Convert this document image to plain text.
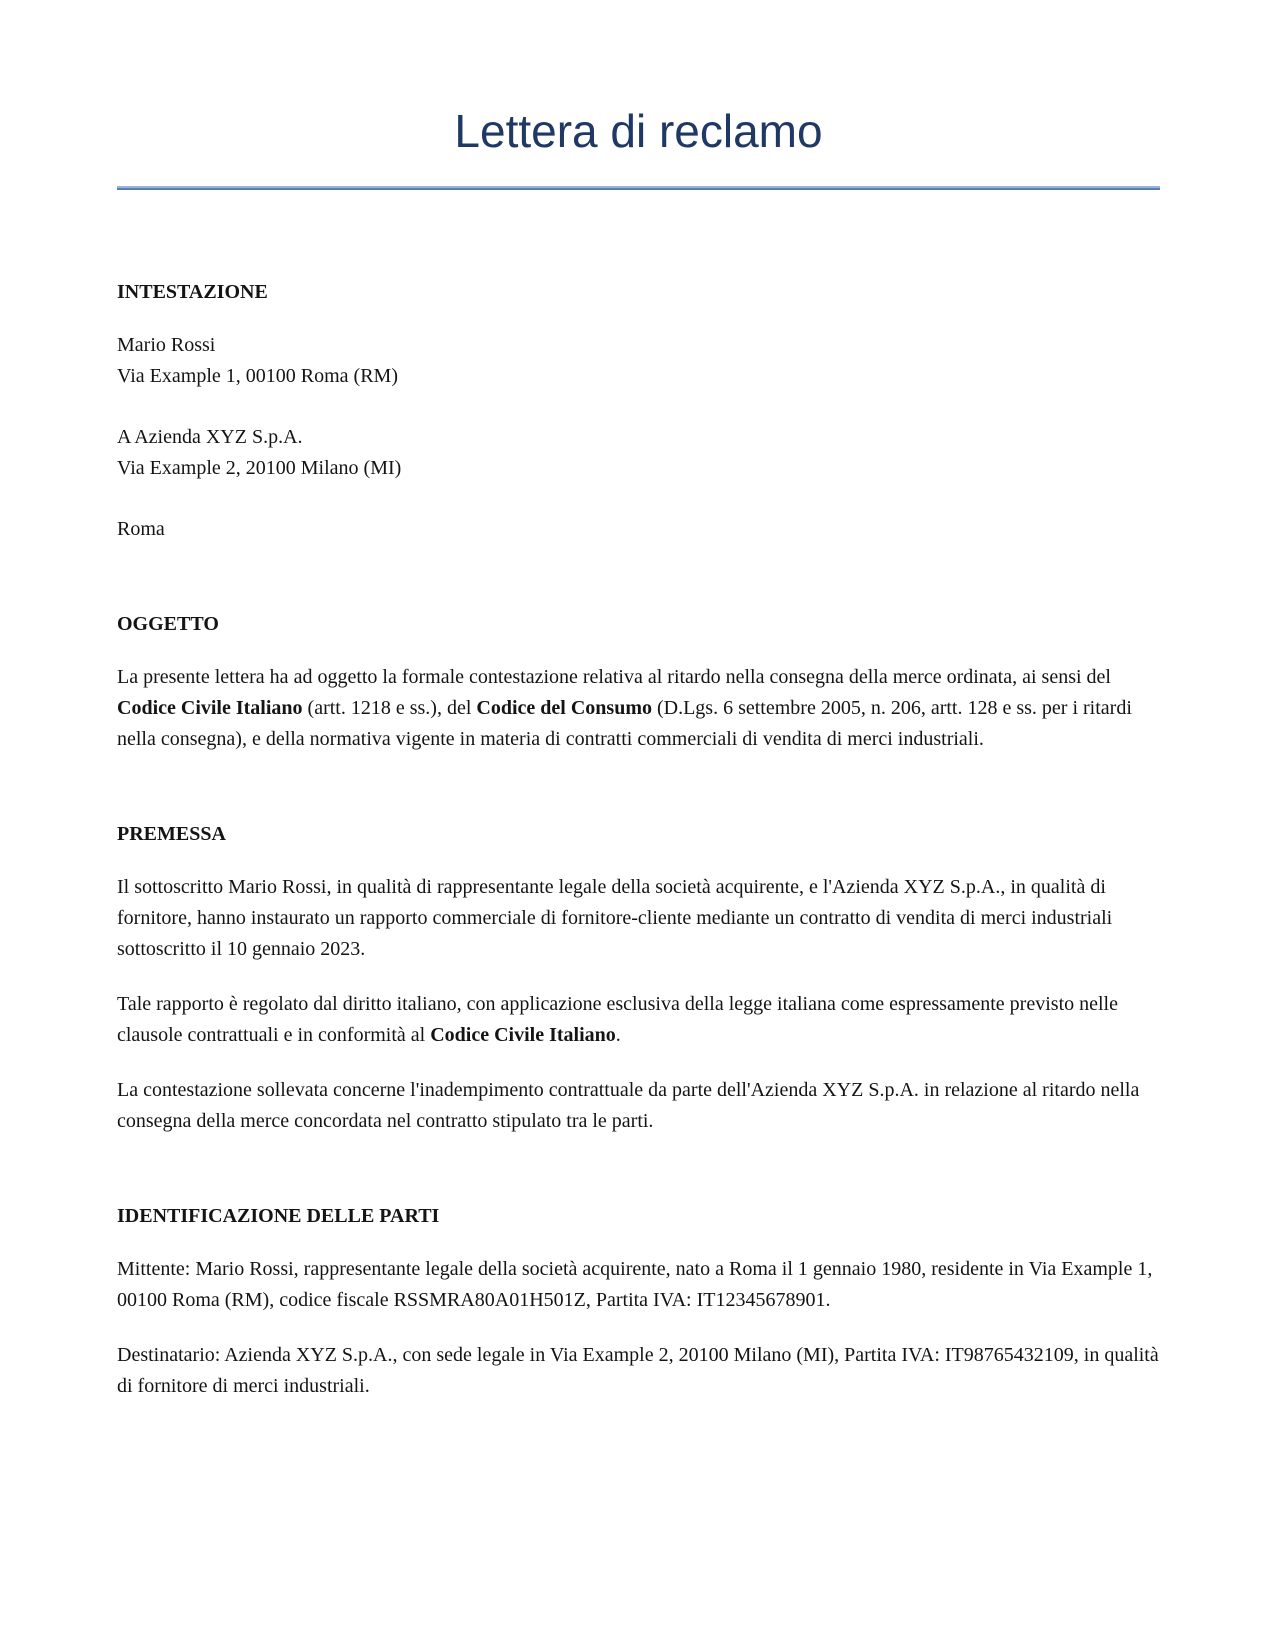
Lettera di reclamo
INTESTAZIONE
Mario Rossi
Via Example 1, 00100 Roma (RM)
A Azienda XYZ S.p.A.
Via Example 2, 20100 Milano (MI)
Roma
OGGETTO

La presente lettera ha ad oggetto la formale contestazione relativa al ritardo nella consegna della merce ordinata, ai sensi del Codice Civile Italiano (artt. 1218 e ss.), del Codice del Consumo (D.Lgs. 6 settembre 2005, n. 206, artt. 128 e ss. per i ritardi nella consegna), e della normativa vigente in materia di contratti commerciali di vendita di merci industriali.

PREMESSA

Il sottoscritto Mario Rossi, in qualità di rappresentante legale della società acquirente, e l'Azienda XYZ S.p.A., in qualità di fornitore, hanno instaurato un rapporto commerciale di fornitore-cliente mediante un contratto di vendita di merci industriali sottoscritto il 10 gennaio 2023.

Tale rapporto è regolato dal diritto italiano, con applicazione esclusiva della legge italiana come espressamente previsto nelle clausole contrattuali e in conformità al Codice Civile Italiano.

La contestazione sollevata concerne l'inadempimento contrattuale da parte dell'Azienda XYZ S.p.A. in relazione al ritardo nella consegna della merce concordata nel contratto stipulato tra le parti.

IDENTIFICAZIONE DELLE PARTI

Mittente: Mario Rossi, rappresentante legale della società acquirente, nato a Roma il 1 gennaio 1980, residente in Via Example 1, 00100 Roma (RM), codice fiscale RSSMRA80A01H501Z, Partita IVA: IT12345678901.

Destinatario: Azienda XYZ S.p.A., con sede legale in Via Example 2, 20100 Milano (MI), Partita IVA: IT98765432109, in qualità di fornitore di merci industriali.
